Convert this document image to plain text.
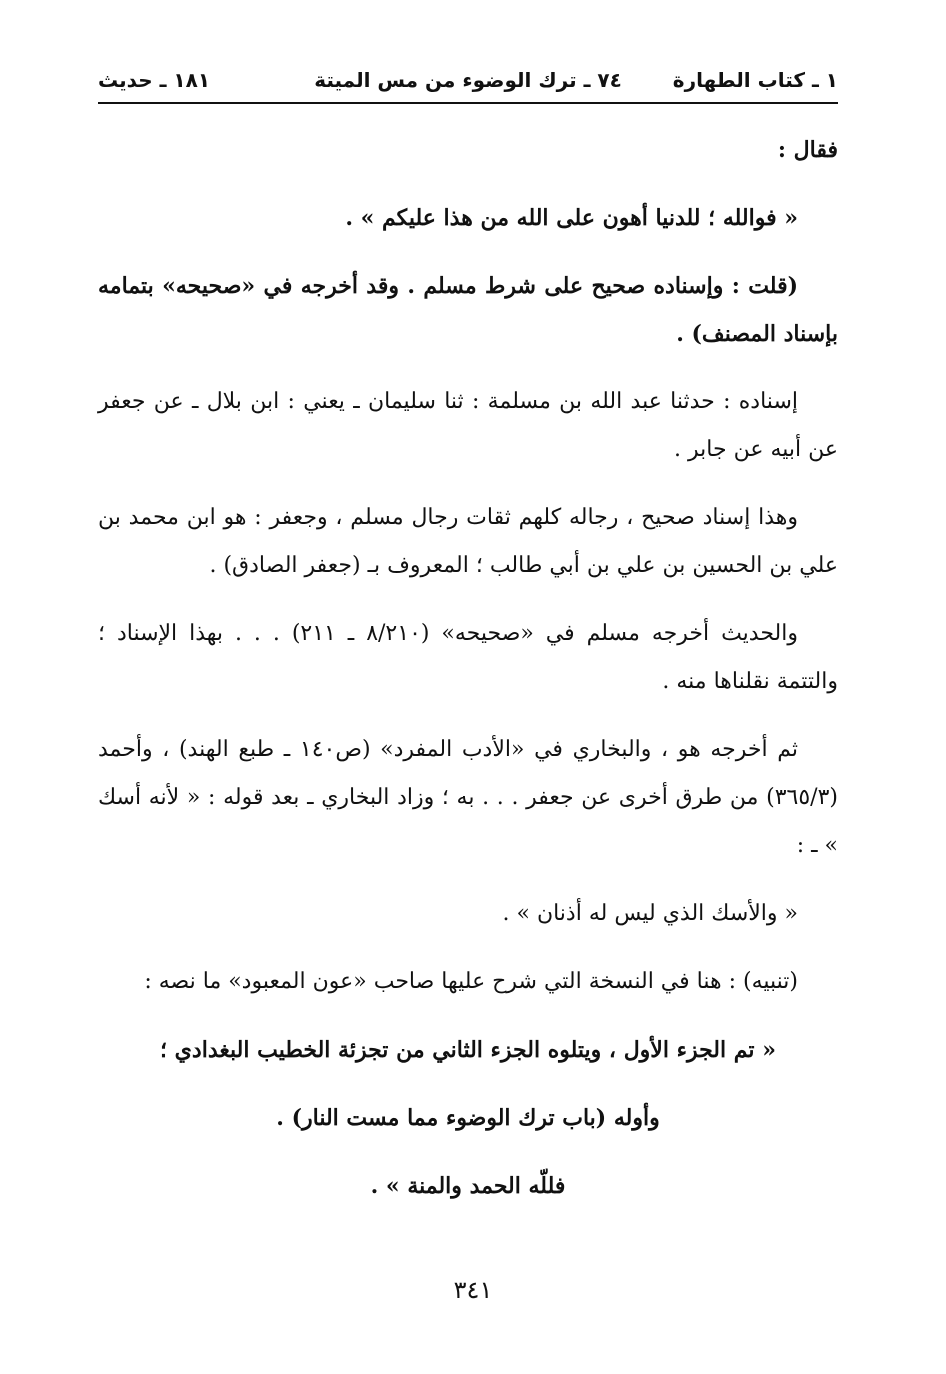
١ ـ كتاب الطهارة
٧٤ ـ ترك الوضوء من مس الميتة
١٨١ ـ حديث

فقال :

« فوالله ؛ للدنيا أهون على الله من هذا عليكم » .

(قلت : وإسناده صحيح على شرط مسلم . وقد أخرجه في «صحيحه» بتمامه بإسناد المصنف) .

إسناده : حدثنا عبد الله بن مسلمة : ثنا سليمان ـ يعني : ابن بلال ـ عن جعفر عن أبيه عن جابر .

وهذا إسناد صحيح ، رجاله كلهم ثقات رجال مسلم ، وجعفر : هو ابن محمد بن علي بن الحسين بن علي بن أبي طالب ؛ المعروف بـ (جعفر الصادق) .

والحديث أخرجه مسلم في «صحيحه» (٨/٢١٠ ـ ٢١١) . . . بهذا الإسناد ؛ والتتمة نقلناها منه .

ثم أخرجه هو ، والبخاري في «الأدب المفرد» (ص١٤٠ ـ طبع الهند) ، وأحمد (٣٦٥/٣) من طرق أخرى عن جعفر . . . به ؛ وزاد البخاري ـ بعد قوله : « لأنه أسك » ـ :

« والأسك الذي ليس له أذنان » .

(تنبيه) : هنا في النسخة التي شرح عليها صاحب «عون المعبود» ما نصه :

« تم الجزء الأول ، ويتلوه الجزء الثاني من تجزئة الخطيب البغدادي ؛

وأوله (باب ترك الوضوء مما مست النار) .

فللّه الحمد والمنة » .

٣٤١
